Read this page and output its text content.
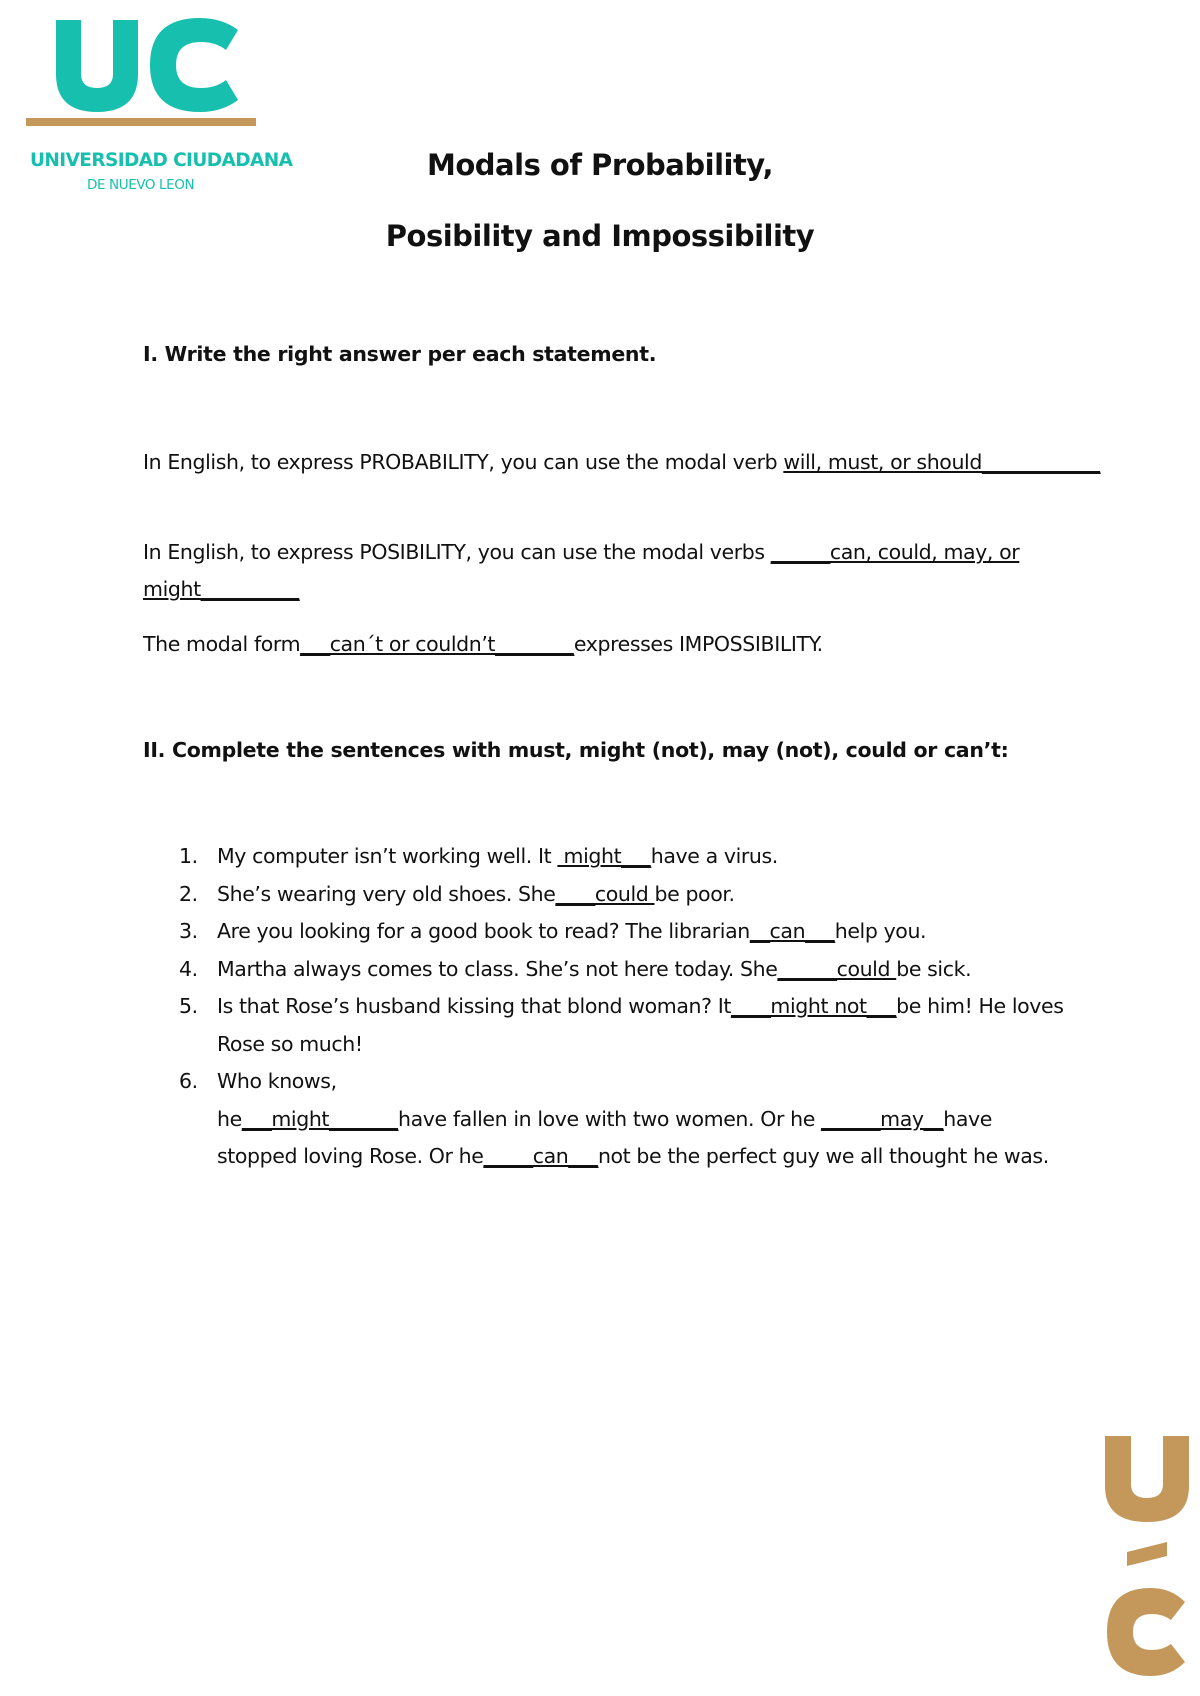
UNIVERSIDAD CIUDADANA
DE NUEVO LEON
Modals of Probability,
Posibility and Impossibility
I. Write the right answer per each statement.
In English, to express PROBABILITY, you can use the modal verb will, must, or should____________
In English, to express POSIBILITY, you can use the modal verbs ______can, could, may, or might__________
The modal form___can´t or couldn’t________expresses IMPOSSIBILITY.
II. Complete the sentences with must, might (not), may (not), could or can’t:
1. My computer isn’t working well. It  might___have a virus.
2. She’s wearing very old shoes. She____could be poor.
3. Are you looking for a good book to read? The librarian__can___help you.
4. Martha always comes to class. She’s not here today. She______could be sick.
5. Is that Rose’s husband kissing that blond woman? It____might not___be him! He loves Rose so much!
6. Who knows, he___might_______have fallen in love with two women. Or he ______may__have stopped loving Rose. Or he_____can___not be the perfect guy we all thought he was.
